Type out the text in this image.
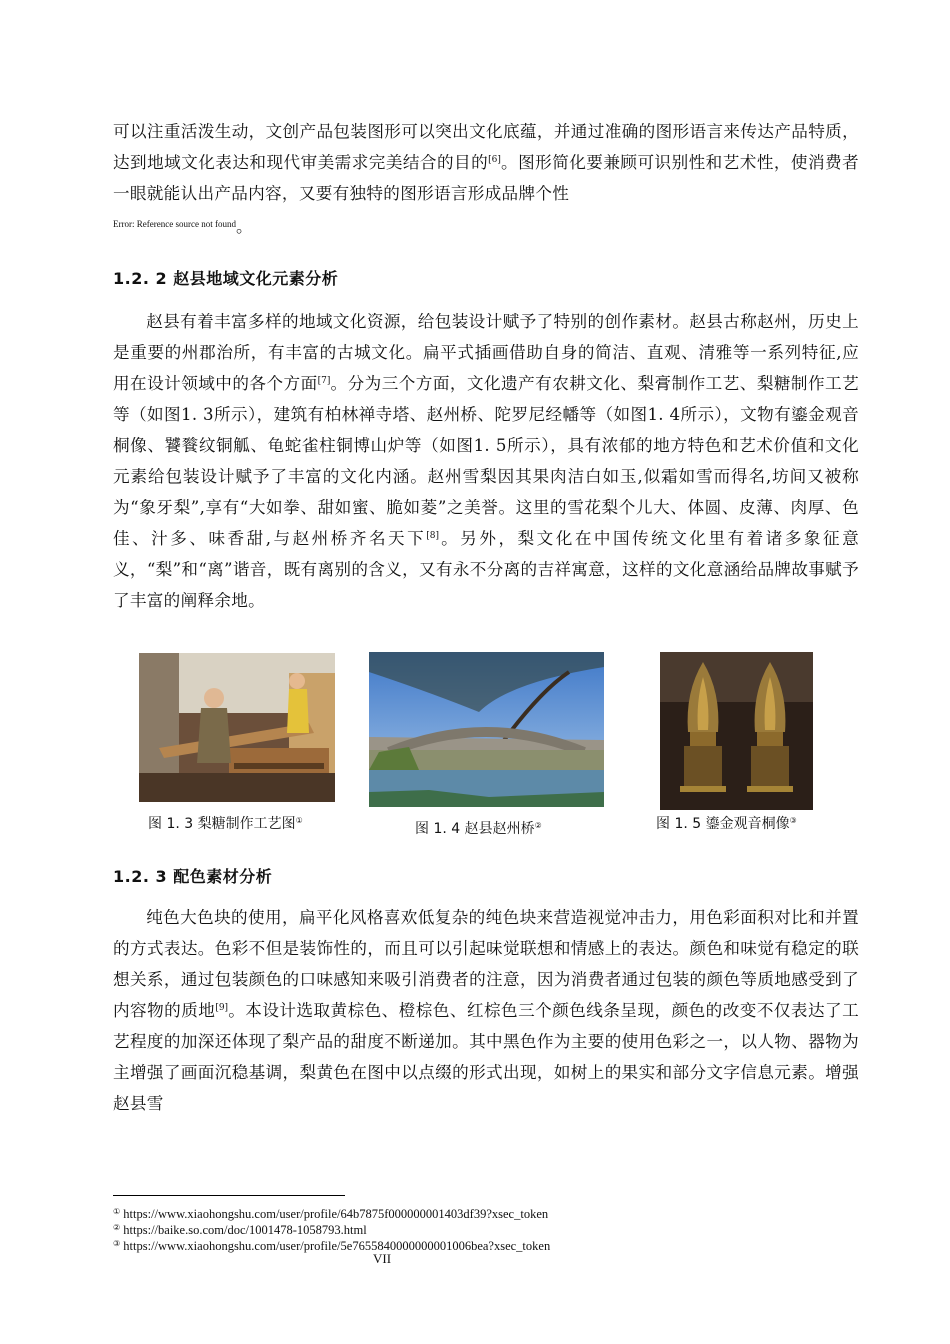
可以注重活泼生动，文创产品包装图形可以突出文化底蕴，并通过准确的图形语言来传达产品特质，达到地域文化表达和现代审美需求完美结合的目的[6]。图形简化要兼顾可识别性和艺术性，使消费者一眼就能认出产品内容，又要有独特的图形语言形成品牌个性
$^{Error: Reference source not found}$。

1.2. 2 赵县地域文化元素分析

赵县有着丰富多样的地域文化资源，给包装设计赋予了特别的创作素材。赵县古称赵州，历史上是重要的州郡治所，有丰富的古城文化。扁平式插画借助自身的简洁、直观、清雅等一系列特征,应用在设计领域中的各个方面[7]。分为三个方面，文化遗产有农耕文化、梨膏制作工艺、梨糖制作工艺等（如图1. 3所示），建筑有柏林禅寺塔、赵州桥、陀罗尼经幡等（如图1. 4所示），文物有鎏金观音桐像、饕餮纹铜觚、龟蛇雀柱铜博山炉等（如图1. 5所示），具有浓郁的地方特色和艺术价值和文化元素给包装设计赋予了丰富的文化内涵。赵州雪梨因其果肉洁白如玉,似霜如雪而得名,坊间又被称为“象牙梨”,享有“大如拳、甜如蜜、脆如菱”之美誉。这里的雪花梨个儿大、体圆、皮薄、肉厚、色佳、汁多、味香甜,与赵州桥齐名天下[8]。另外，梨文化在中国传统文化里有着诸多象征意义，“梨”和“离”谐音，既有离别的含义，又有永不分离的吉祥寓意，这样的文化意涵给品牌故事赋予了丰富的阐释余地。

图 1. 3 梨糖制作工艺图①
图 1. 4 赵县赵州桥②	图 1. 5 鎏金观音桐像③
1.2. 3 配色素材分析

纯色大色块的使用，扁平化风格喜欢低复杂的纯色块来营造视觉冲击力，用色彩面积对比和并置的方式表达。色彩不但是装饰性的，而且可以引起味觉联想和情感上的表达。颜色和味觉有稳定的联想关系，通过包装颜色的口味感知来吸引消费者的注意，因为消费者通过包装的颜色等质地感受到了内容物的质地[9]。本设计选取黄棕色、橙棕色、红棕色三个颜色线条呈现，颜色的改变不仅表达了工艺程度的加深还体现了梨产品的甜度不断递加。其中黑色作为主要的使用色彩之一，以人物、器物为主增强了画面沉稳基调，梨黄色在图中以点缀的形式出现，如树上的果实和部分文字信息元素。增强赵县雪

① https://www.xiaohongshu.com/user/profile/64b7875f000000001403df39?xsec_token
② https://baike.so.com/doc/1001478-1058793.html
③ https://www.xiaohongshu.com/user/profile/5e7655840000000001006bea?xsec_token
VII
